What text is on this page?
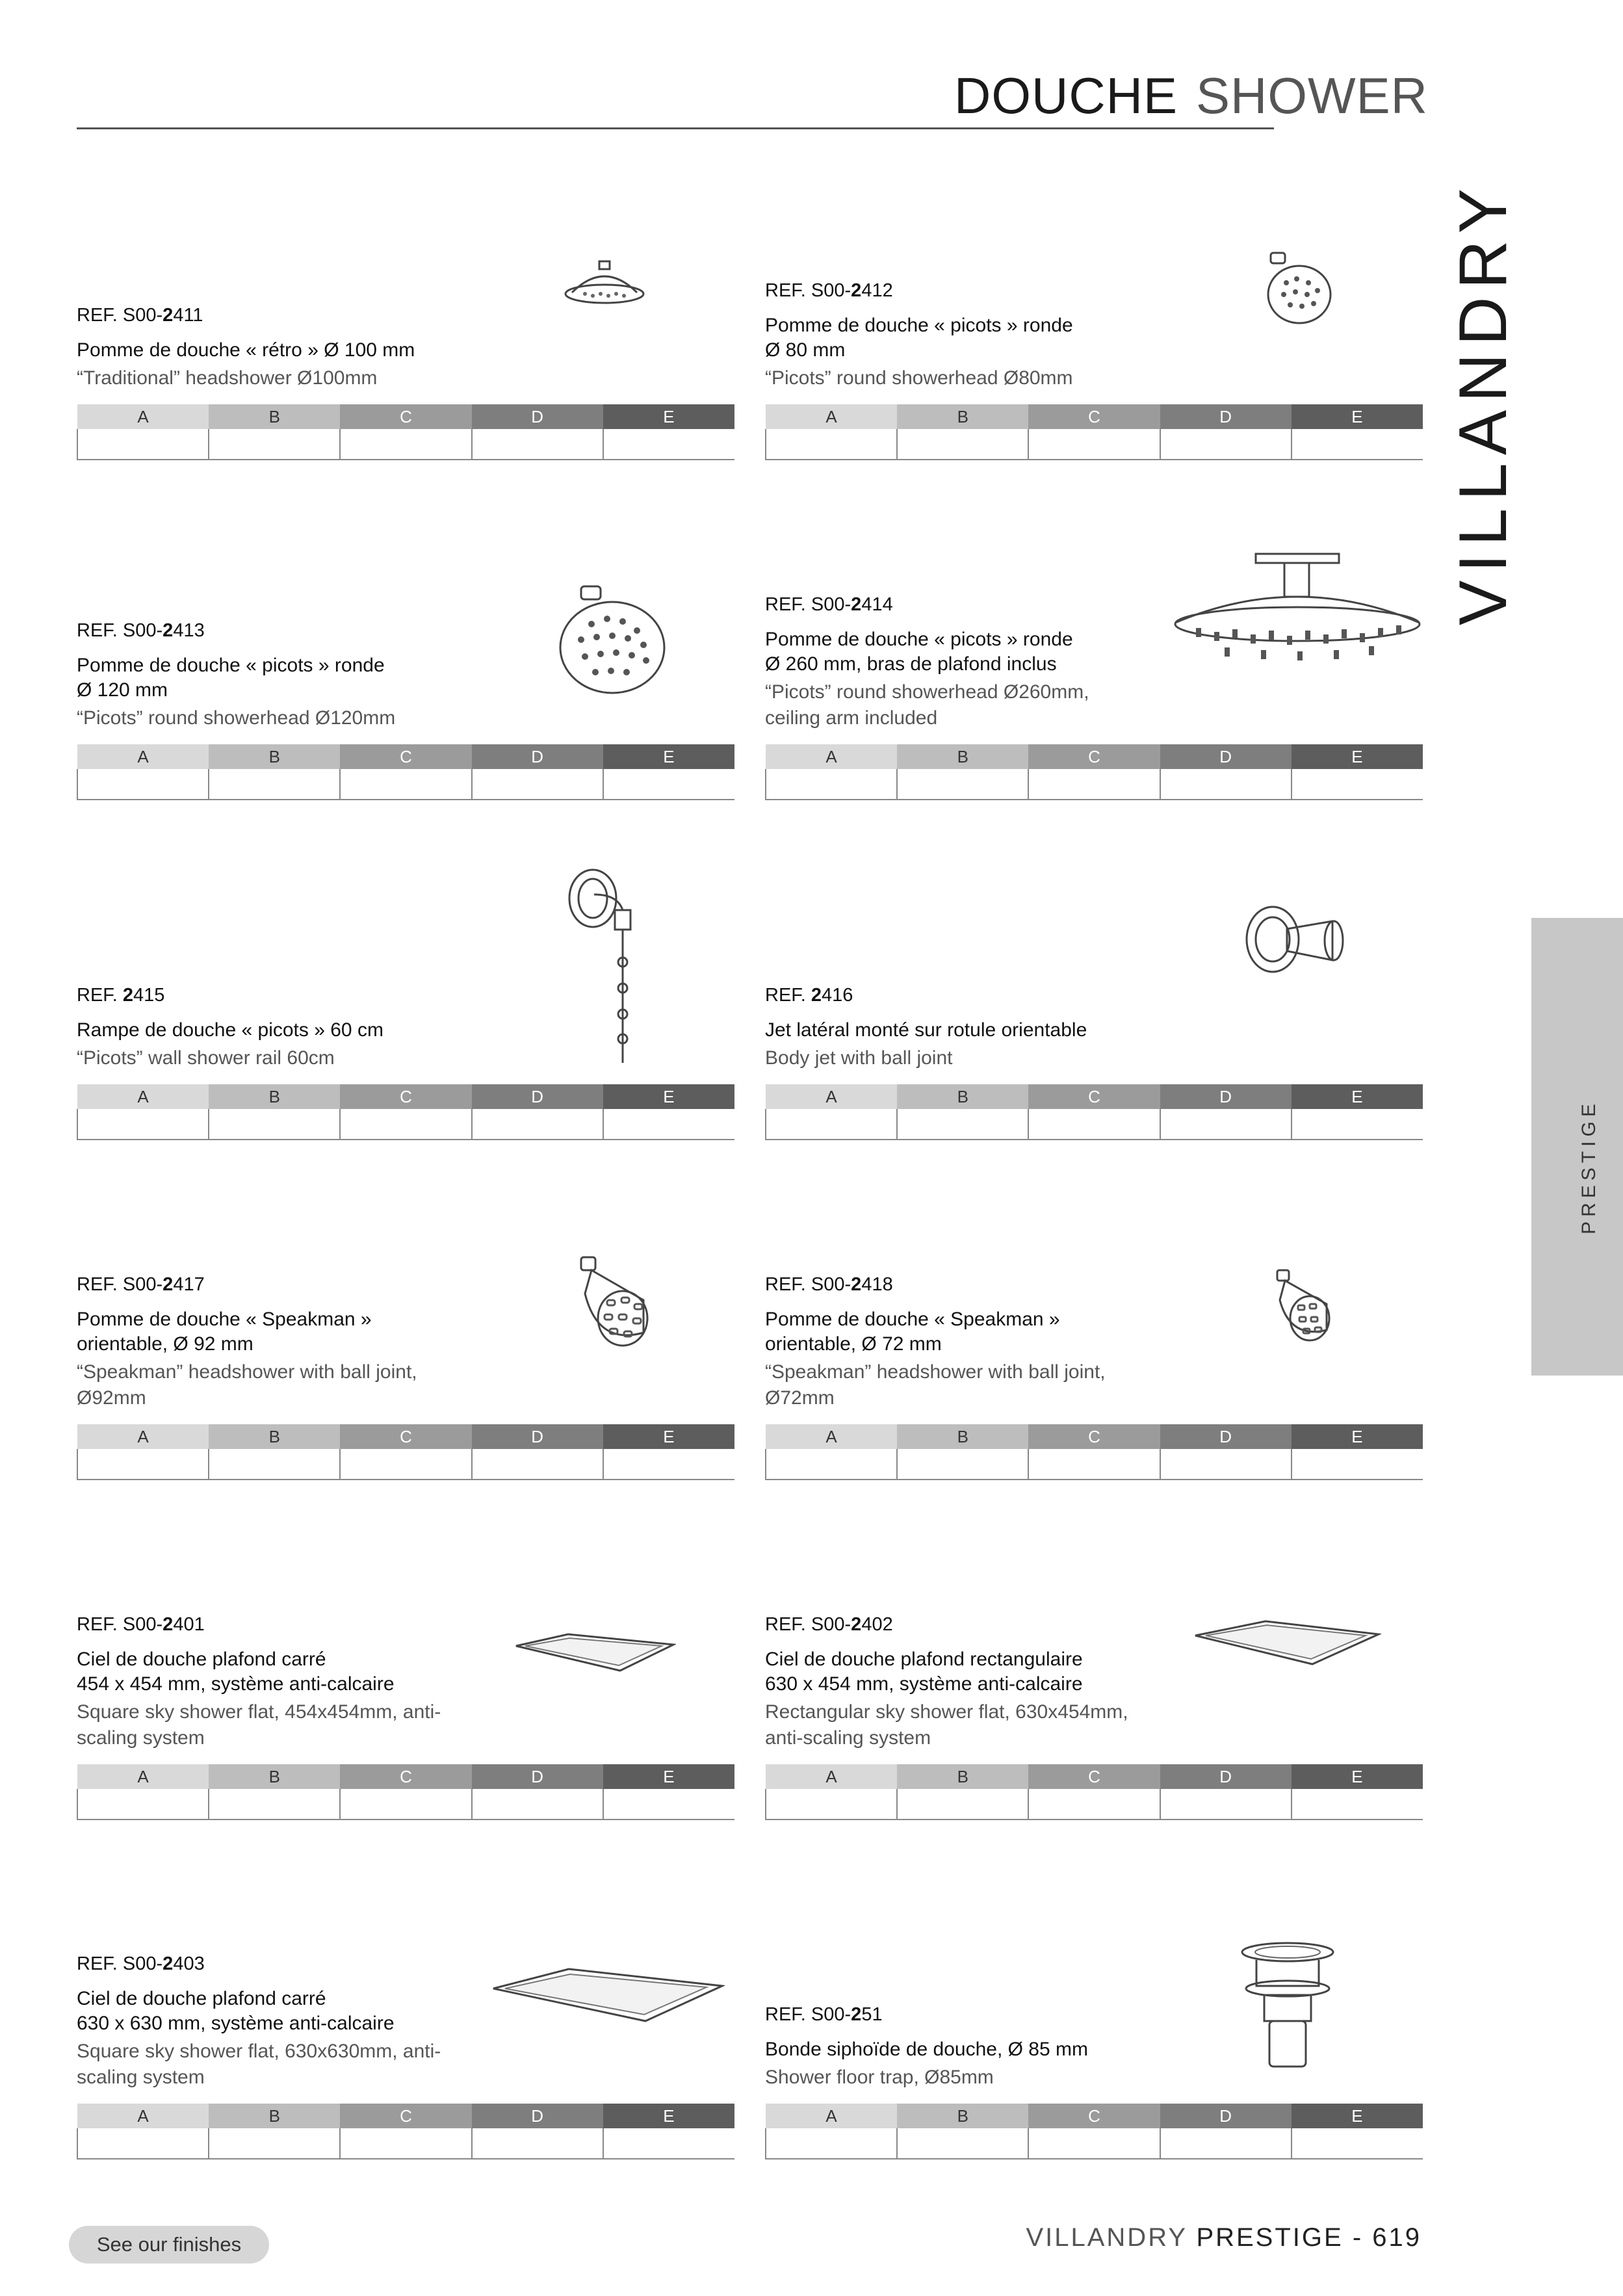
DOUCHE SHOWER
VILLANDRY
PRESTIGE
REF. S00-2411

Pomme de douche « rétro » Ø 100 mm

“Traditional” headshower Ø100mm

A	B	C	D	E

REF. S00-2412

Pomme de douche « picots » ronde
Ø 80 mm

“Picots” round showerhead Ø80mm

A	B	C	D	E

REF. S00-2413

Pomme de douche « picots » ronde
Ø 120 mm

“Picots” round showerhead Ø120mm

A	B	C	D	E

REF. S00-2414

Pomme de douche « picots » ronde
Ø 260 mm, bras de plafond inclus

“Picots” round showerhead Ø260mm,
ceiling arm included

A	B	C	D	E

REF. 2415

Rampe de douche « picots » 60 cm

“Picots” wall shower rail 60cm

A	B	C	D	E

REF. 2416

Jet latéral monté sur rotule orientable

Body jet with ball joint

A	B	C	D	E

REF. S00-2417

Pomme de douche « Speakman »
orientable, Ø 92 mm

“Speakman” headshower with ball joint,
Ø92mm

A	B	C	D	E

REF. S00-2418

Pomme de douche « Speakman »
orientable, Ø 72 mm

“Speakman” headshower with ball joint,
Ø72mm

A	B	C	D	E

REF. S00-2401

Ciel de douche plafond carré
454 x 454 mm, système anti-calcaire

Square sky shower flat, 454x454mm, anti-
scaling system

A	B	C	D	E

REF. S00-2402

Ciel de douche plafond rectangulaire
630 x 454 mm, système anti-calcaire

Rectangular sky shower flat, 630x454mm,
anti-scaling system

A	B	C	D	E

REF. S00-2403

Ciel de douche plafond carré
630 x 630 mm, système anti-calcaire

Square sky shower flat, 630x630mm, anti-
scaling system

A	B	C	D	E

REF. S00-251

Bonde siphoïde de douche, Ø 85 mm

Shower floor trap, Ø85mm

A	B	C	D	E

See our finishes	VILLANDRY PRESTIGE - 619
